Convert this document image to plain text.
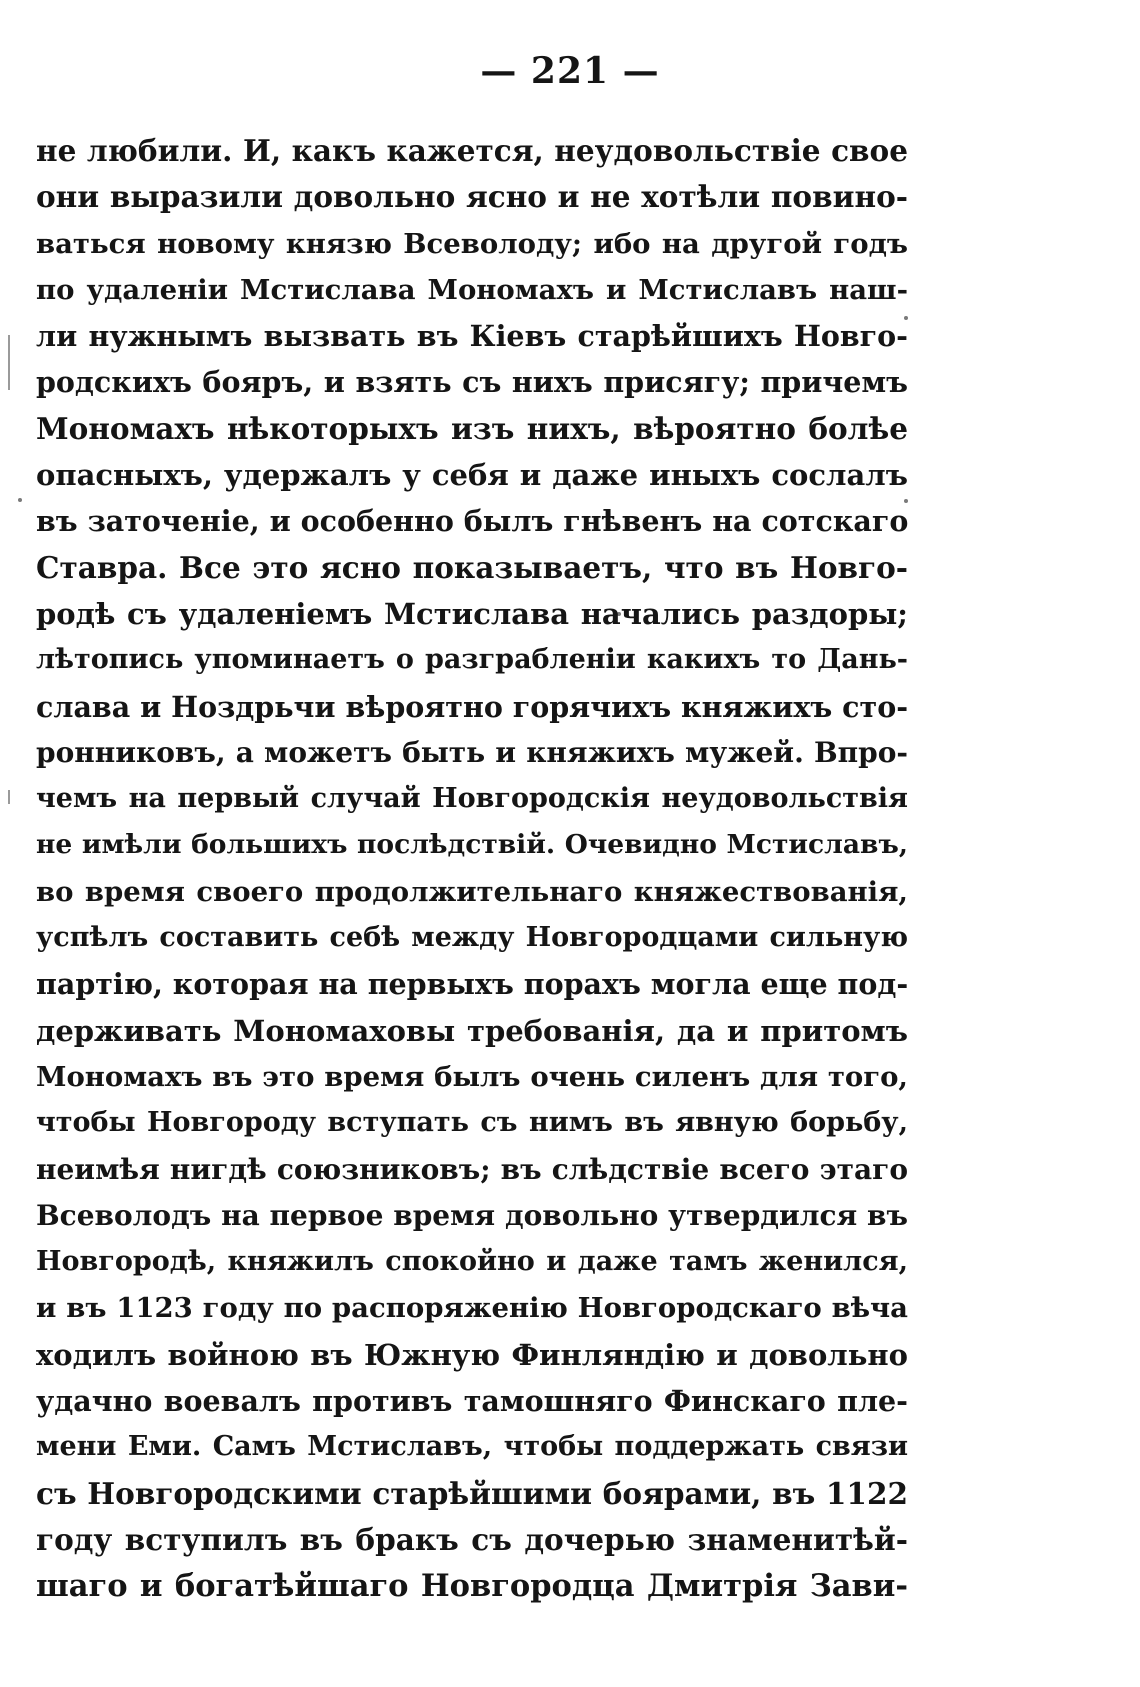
— 221 —
не любили. И, какъ кажется, неудовольствіе свое
они выразили довольно ясно и не хотѣли повино-
ваться новому князю Всеволоду; ибо на другой годъ
по удаленіи Мстислава Мономахъ и Мстиславъ наш-
ли нужнымъ вызвать въ Кіевъ старѣйшихъ Новго-
родскихъ бояръ, и взять съ нихъ присягу; причемъ
Мономахъ нѣкоторыхъ изъ нихъ, вѣроятно болѣе
опасныхъ, удержалъ у себя и даже иныхъ сослалъ
въ заточеніе, и особенно былъ гнѣвенъ на сотскаго
Ставра. Все это ясно показываетъ, что въ Новго-
родѣ съ удаленіемъ Мстислава начались раздоры;
лѣтопись упоминаетъ о разграбленіи какихъ то Дань-
слава и Ноздрьчи вѣроятно горячихъ княжихъ сто-
ронниковъ, а можетъ быть и княжихъ мужей. Впро-
чемъ на первый случай Новгородскія неудовольствія
не имѣли большихъ послѣдствій. Очевидно Мстиславъ,
во время своего продолжительнаго княжествованія,
успѣлъ составить себѣ между Новгородцами сильную
партію, которая на первыхъ порахъ могла еще под-
держивать Мономаховы требованія, да и притомъ
Мономахъ въ это время былъ очень силенъ для того,
чтобы Новгороду вступать съ нимъ въ явную борьбу,
неимѣя нигдѣ союзниковъ; въ слѣдствіе всего этаго
Всеволодъ на первое время довольно утвердился въ
Новгородѣ, княжилъ спокойно и даже тамъ женился,
и въ 1123 году по распоряженію Новгородскаго вѣча
ходилъ войною въ Южную Финляндію и довольно
удачно воевалъ противъ тамошняго Финскаго пле-
мени Еми. Самъ Мстиславъ, чтобы поддержать связи
съ Новгородскими старѣйшими боярами, въ 1122
году вступилъ въ бракъ съ дочерью знаменитѣй-
шаго и богатѣйшаго Новгородца Дмитрія Зави-
